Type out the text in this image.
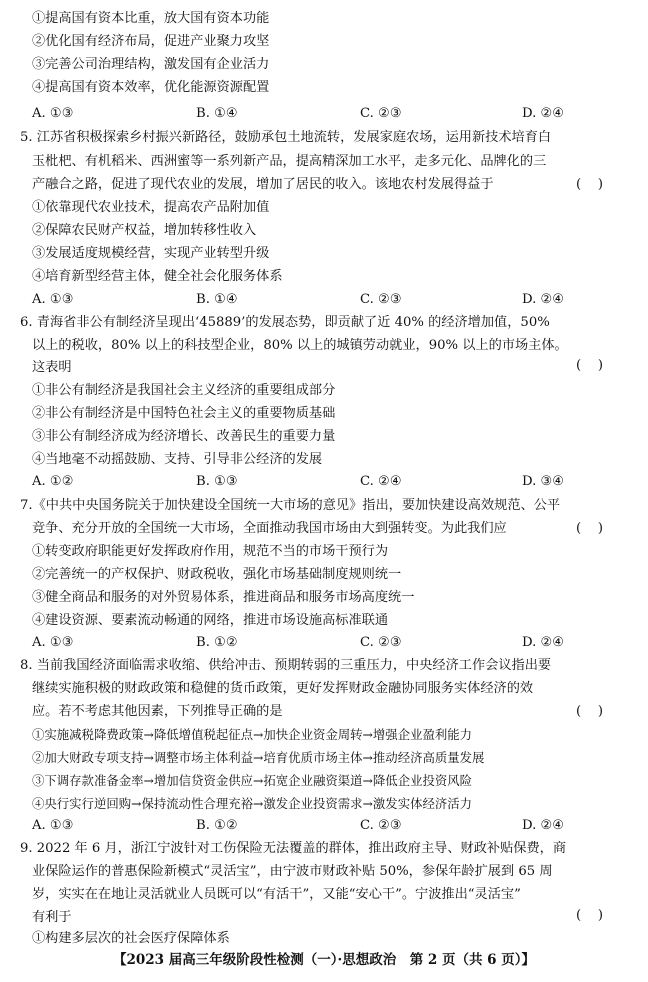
①提高国有资本比重，放大国有资本功能
②优化国有经济布局，促进产业聚力攻坚
③完善公司治理结构，激发国有企业活力
④提高国有资本效率，优化能源资源配置
A. ①③	B. ①④	C. ②③	D. ②④
5. 江苏省积极探索乡村振兴新路径，鼓励承包土地流转，发展家庭农场，运用新技术培育白
玉枇杷、有机稻米、西洲蜜等一系列新产品，提高精深加工水平，走多元化、品牌化的三
产融合之路，促进了现代农业的发展，增加了居民的收入。该地农村发展得益于	(    )
①依靠现代农业技术，提高农产品附加值
②保障农民财产权益，增加转移性收入
③发展适度规模经营，实现产业转型升级
④培育新型经营主体，健全社会化服务体系
A. ①③	B. ①④	C. ②③	D. ②④
6. 青海省非公有制经济呈现出‘45889’的发展态势，即贡献了近 40% 的经济增加值，50%
以上的税收，80% 以上的科技型企业，80% 以上的城镇劳动就业，90% 以上的市场主体。
这表明	(    )
①非公有制经济是我国社会主义经济的重要组成部分
②非公有制经济是中国特色社会主义的重要物质基础
③非公有制经济成为经济增长、改善民生的重要力量
④当地毫不动摇鼓励、支持、引导非公经济的发展
A. ①②	B. ①③	C. ②④	D. ③④
7.《中共中央国务院关于加快建设全国统一大市场的意见》指出，要加快建设高效规范、公平
竞争、充分开放的全国统一大市场，全面推动我国市场由大到强转变。为此我们应	(    )
①转变政府职能更好发挥政府作用，规范不当的市场干预行为
②完善统一的产权保护、财政税收，强化市场基础制度规则统一
③健全商品和服务的对外贸易体系，推进商品和服务市场高度统一
④建设资源、要素流动畅通的网络，推进市场设施高标准联通
A. ①③	B. ①②	C. ②③	D. ②④
8. 当前我国经济面临需求收缩、供给冲击、预期转弱的三重压力，中央经济工作会议指出要
继续实施积极的财政政策和稳健的货币政策，更好发挥财政金融协同服务实体经济的效
应。若不考虑其他因素，下列推导正确的是	(    )
①实施减税降费政策→降低增值税起征点→加快企业资金周转→增强企业盈利能力
②加大财政专项支持→调整市场主体利益→培育优质市场主体→推动经济高质量发展
③下调存款准备金率→增加信贷资金供应→拓宽企业融资渠道→降低企业投资风险
④央行实行逆回购→保持流动性合理充裕→激发企业投资需求→激发实体经济活力
A. ①③	B. ①②	C. ②③	D. ②④
9. 2022 年 6 月，浙江宁波针对工伤保险无法覆盖的群体，推出政府主导、财政补贴保费，商
业保险运作的普惠保险新模式“灵活宝”，由宁波市财政补贴 50%，参保年龄扩展到 65 周
岁，实实在在地让灵活就业人员既可以“有活干”，又能“安心干”。宁波推出“灵活宝”
有利于	(    )
①构建多层次的社会医疗保障体系
【2023 届高三年级阶段性检测（一）·思想政治　第 2 页（共 6 页）】
